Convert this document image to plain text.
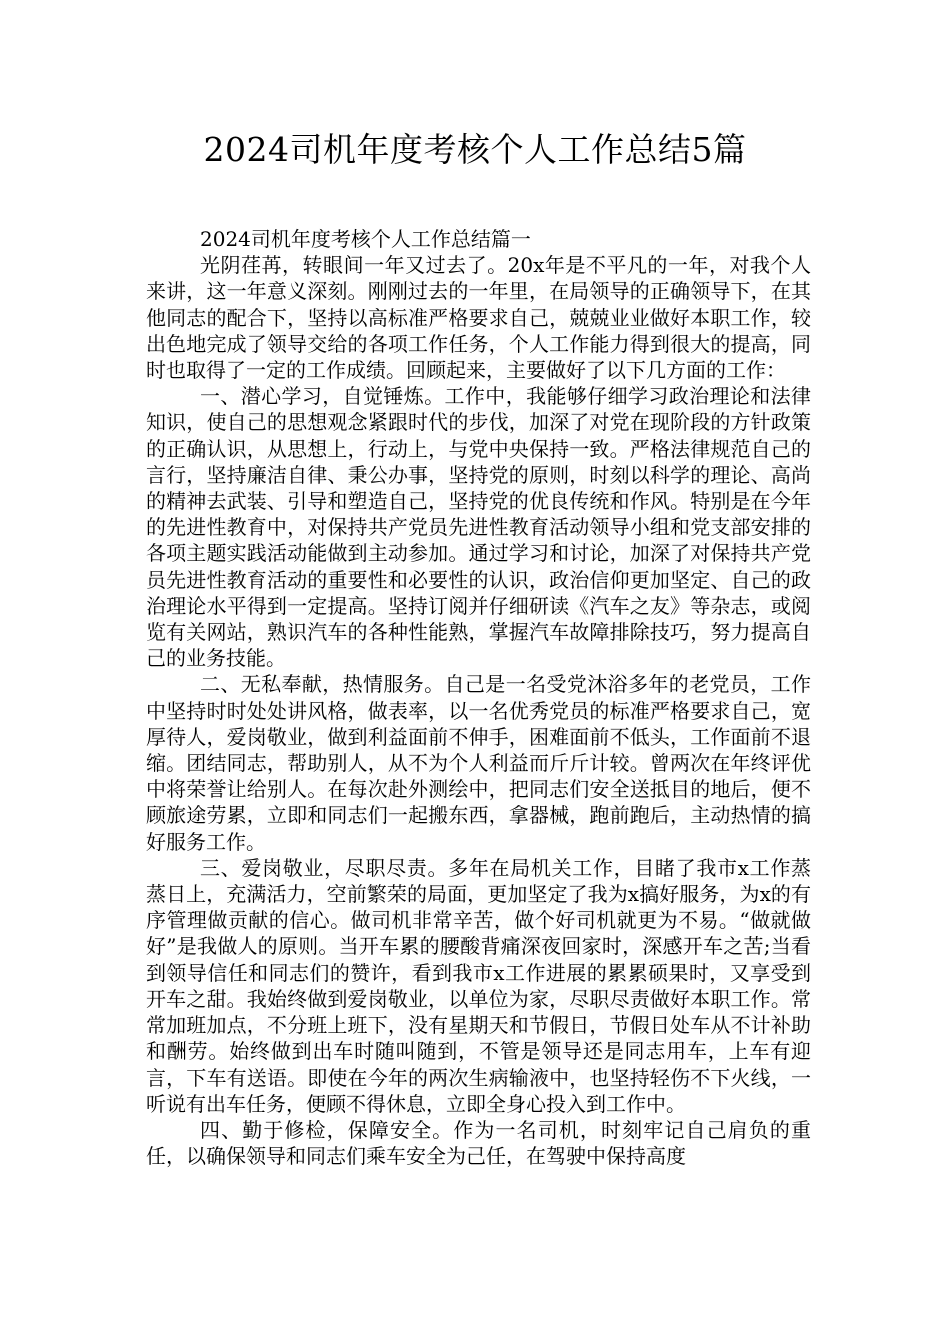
2024司机年度考核个人工作总结5篇
2024司机年度考核个人工作总结篇一

光阴荏苒，转眼间一年又过去了。20x年是不平凡的一年，对我个人来讲，这一年意义深刻。刚刚过去的一年里，在局领导的正确领导下，在其他同志的配合下，坚持以高标准严格要求自己，兢兢业业做好本职工作，较出色地完成了领导交给的各项工作任务，个人工作能力得到很大的提高，同时也取得了一定的工作成绩。回顾起来，主要做好了以下几方面的工作：

一、潜心学习，自觉锤炼。工作中，我能够仔细学习政治理论和法律知识，使自己的思想观念紧跟时代的步伐，加深了对党在现阶段的方针政策的正确认识，从思想上，行动上，与党中央保持一致。严格法律规范自己的言行，坚持廉洁自律、秉公办事，坚持党的原则，时刻以科学的理论、高尚的精神去武装、引导和塑造自己，坚持党的优良传统和作风。特别是在今年的先进性教育中，对保持共产党员先进性教育活动领导小组和党支部安排的各项主题实践活动能做到主动参加。通过学习和讨论，加深了对保持共产党员先进性教育活动的重要性和必要性的认识，政治信仰更加坚定、自己的政治理论水平得到一定提高。坚持订阅并仔细研读《汽车之友》等杂志，或阅览有关网站，熟识汽车的各种性能熟，掌握汽车故障排除技巧，努力提高自己的业务技能。

二、无私奉献，热情服务。自己是一名受党沐浴多年的老党员，工作中坚持时时处处讲风格，做表率，以一名优秀党员的标准严格要求自己，宽厚待人，爱岗敬业，做到利益面前不伸手，困难面前不低头，工作面前不退缩。团结同志，帮助别人，从不为个人利益而斤斤计较。曾两次在年终评优中将荣誉让给别人。在每次赴外测绘中，把同志们安全送抵目的地后，便不顾旅途劳累，立即和同志们一起搬东西，拿器械，跑前跑后，主动热情的搞好服务工作。

三、爱岗敬业，尽职尽责。多年在局机关工作，目睹了我市x工作蒸蒸日上，充满活力，空前繁荣的局面，更加坚定了我为x搞好服务，为x的有序管理做贡献的信心。做司机非常辛苦，做个好司机就更为不易。“做就做好”是我做人的原则。当开车累的腰酸背痛深夜回家时，深感开车之苦;当看到领导信任和同志们的赞许，看到我市x工作进展的累累硕果时，又享受到开车之甜。我始终做到爱岗敬业，以单位为家，尽职尽责做好本职工作。常常加班加点，不分班上班下，没有星期天和节假日，节假日处车从不计补助和酬劳。始终做到出车时随叫随到，不管是领导还是同志用车，上车有迎言，下车有送语。即使在今年的两次生病输液中，也坚持轻伤不下火线，一听说有出车任务，便顾不得休息，立即全身心投入到工作中。

四、勤于修检，保障安全。作为一名司机，时刻牢记自己肩负的重任，以确保领导和同志们乘车安全为己任，在驾驶中保持高度
